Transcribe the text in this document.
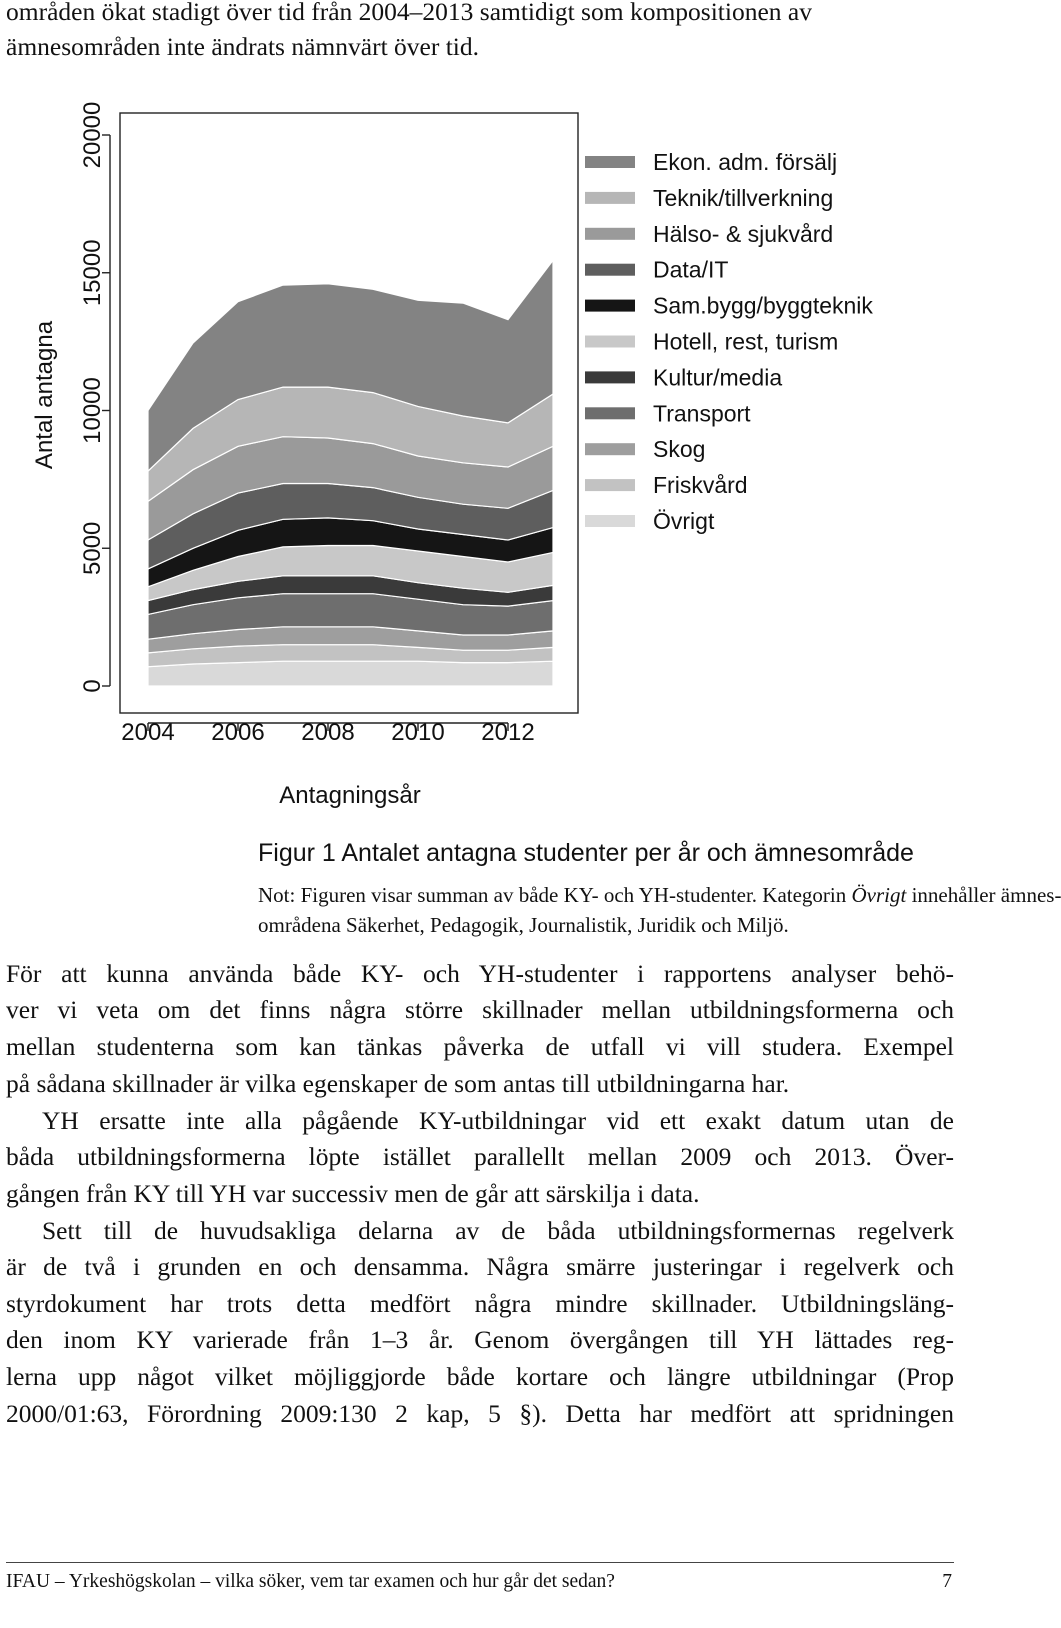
områden ökat stadigt över tid från 2004–2013 samtidigt som kompositionen av
ämnesområden inte ändrats nämnvärt över tid.
0
5000
10000
15000
20000
2004 2006 2008 2010 2012
Antagningsår
Antal antagna
Ekon. adm. försälj
Teknik/tillverkning
Hälso- & sjukvård
Data/IT
Sam.bygg/byggteknik
Hotell, rest, turism
Kultur/media
Transport
Skog
Friskvård
Övrigt
Figur 1 Antalet antagna studenter per år och ämnesområde
Not: Figuren visar summan av både KY- och YH-studenter. Kategorin Övrigt innehåller ämnes-
områdena Säkerhet, Pedagogik, Journalistik, Juridik och Miljö.
För att kunna använda både KY- och YH-studenter i rapportens analyser behö-
ver vi veta om det finns några större skillnader mellan utbildningsformerna och
mellan studenterna som kan tänkas påverka de utfall vi vill studera. Exempel
på sådana skillnader är vilka egenskaper de som antas till utbildningarna har.
YH ersatte inte alla pågående KY-utbildningar vid ett exakt datum utan de
båda utbildningsformerna löpte istället parallellt mellan 2009 och 2013. Över-
gången från KY till YH var successiv men de går att särskilja i data.
Sett till de huvudsakliga delarna av de båda utbildningsformernas regelverk
är de två i grunden en och densamma. Några smärre justeringar i regelverk och
styrdokument har trots detta medfört några mindre skillnader. Utbildningsläng-
den inom KY varierade från 1–3 år. Genom övergången till YH lättades reg-
lerna upp något vilket möjliggjorde både kortare och längre utbildningar (Prop
2000/01:63, Förordning 2009:130 2 kap, 5 §). Detta har medfört att spridningen
IFAU – Yrkeshögskolan – vilka söker, vem tar examen och hur går det sedan?	7
